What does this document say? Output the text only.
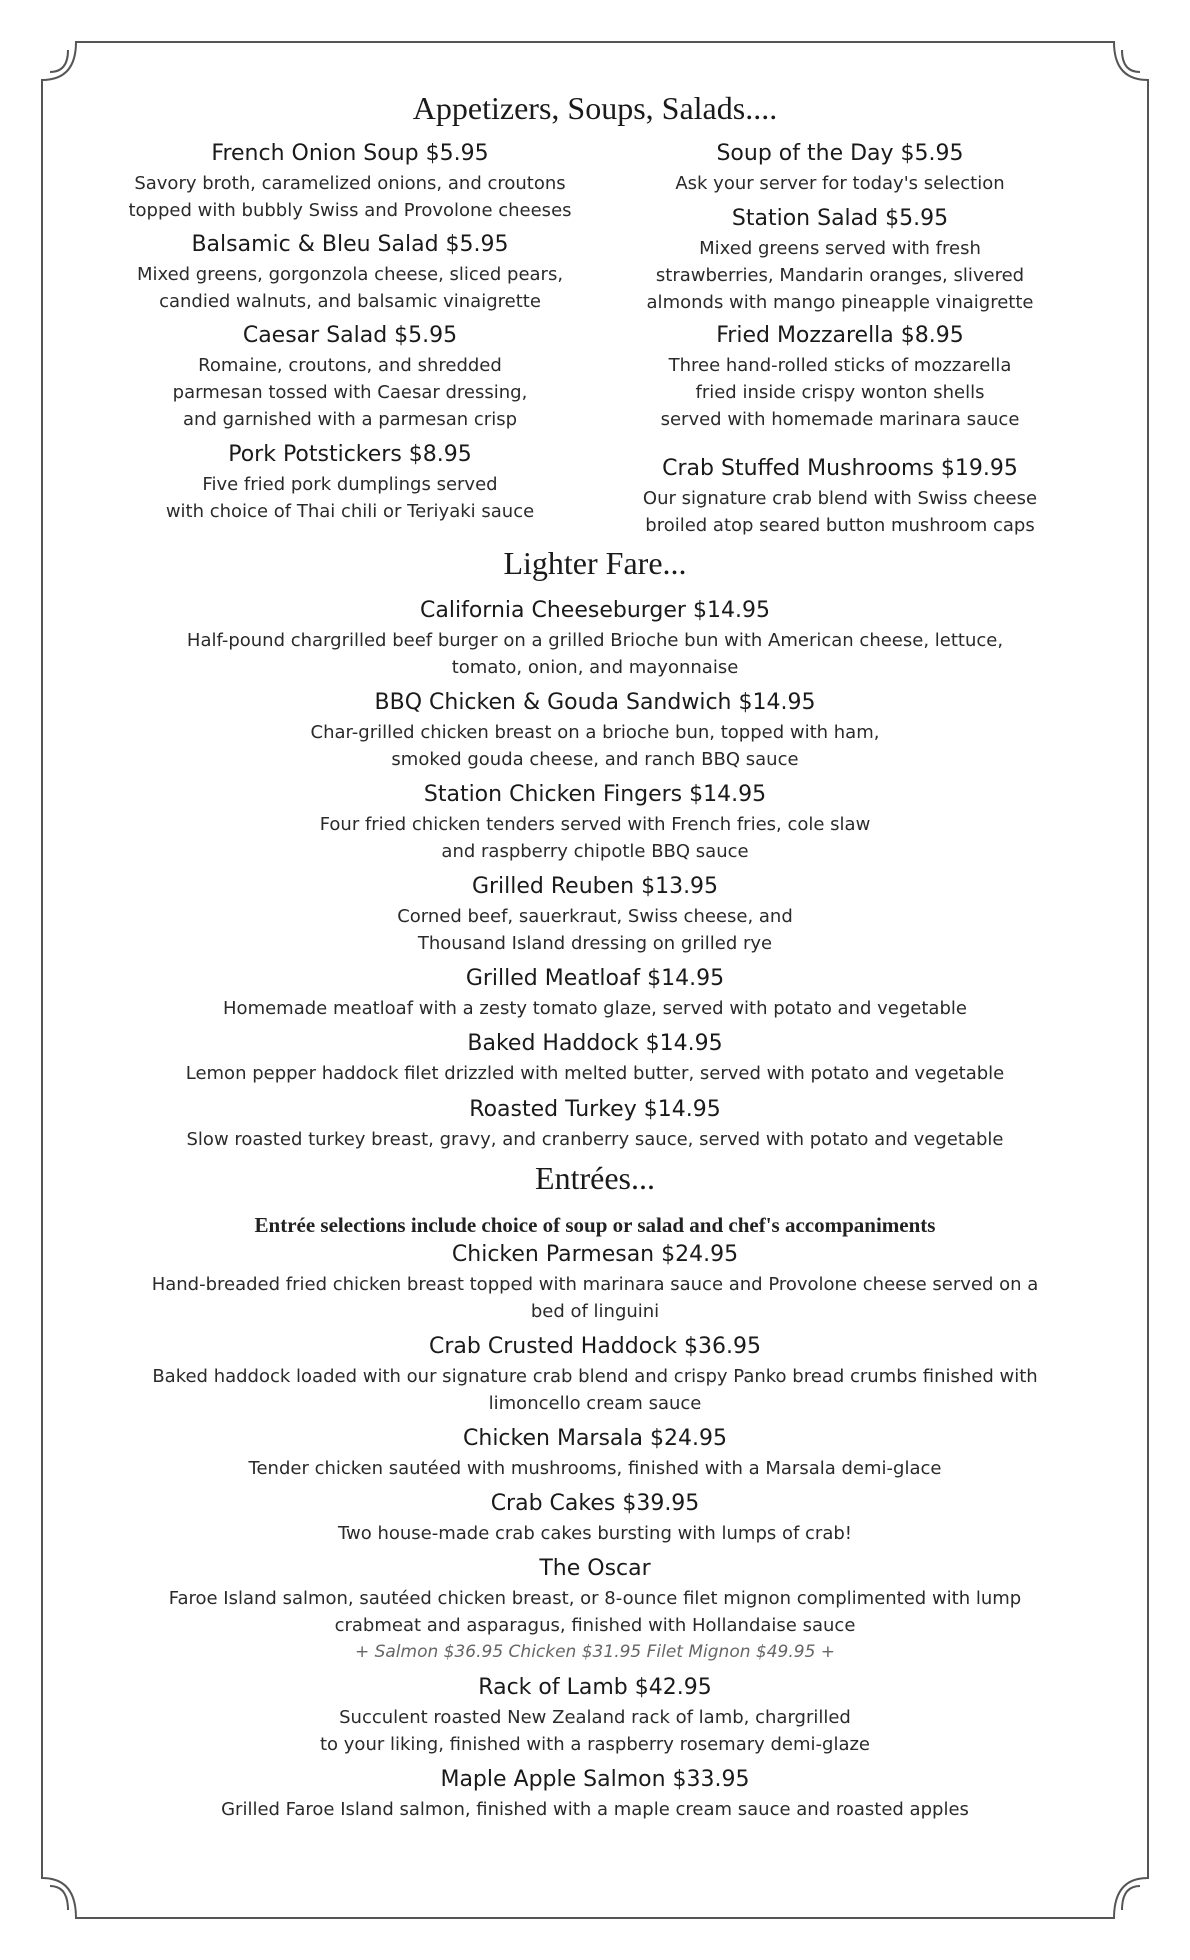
Appetizers, Soups, Salads....
French Onion Soup $5.95
Savory broth, caramelized onions, and croutons
topped with bubbly Swiss and Provolone cheeses
Balsamic & Bleu Salad $5.95
Mixed greens, gorgonzola cheese, sliced pears,
candied walnuts, and balsamic vinaigrette
Caesar Salad $5.95
Romaine, croutons, and shredded
parmesan tossed with Caesar dressing,
and garnished with a parmesan crisp
Pork Potstickers $8.95
Five fried pork dumplings served
with choice of Thai chili or Teriyaki sauce
Soup of the Day $5.95
Ask your server for today's selection
Station Salad $5.95
Mixed greens served with fresh
strawberries, Mandarin oranges, slivered
almonds with mango pineapple vinaigrette
Fried Mozzarella $8.95
Three hand-rolled sticks of mozzarella
fried inside crispy wonton shells
served with homemade marinara sauce
Crab Stuffed Mushrooms $19.95
Our signature crab blend with Swiss cheese
broiled atop seared button mushroom caps
Lighter Fare...
California Cheeseburger $14.95
Half-pound chargrilled beef burger on a grilled Brioche bun with American cheese, lettuce,
tomato, onion, and mayonnaise
BBQ Chicken & Gouda Sandwich $14.95
Char-grilled chicken breast on a brioche bun, topped with ham,
smoked gouda cheese, and ranch BBQ sauce
Station Chicken Fingers $14.95
Four fried chicken tenders served with French fries, cole slaw
and raspberry chipotle BBQ sauce
Grilled Reuben $13.95
Corned beef, sauerkraut, Swiss cheese, and
Thousand Island dressing on grilled rye
Grilled Meatloaf $14.95
Homemade meatloaf with a zesty tomato glaze, served with potato and vegetable
Baked Haddock $14.95
Lemon pepper haddock filet drizzled with melted butter, served with potato and vegetable
Roasted Turkey $14.95
Slow roasted turkey breast, gravy, and cranberry sauce, served with potato and vegetable
Entrées...
Entrée selections include choice of soup or salad and chef's accompaniments
Chicken Parmesan $24.95
Hand-breaded fried chicken breast topped with marinara sauce and Provolone cheese served on a
bed of linguini
Crab Crusted Haddock $36.95
Baked haddock loaded with our signature crab blend and crispy Panko bread crumbs finished with
limoncello cream sauce
Chicken Marsala $24.95
Tender chicken sautéed with mushrooms, finished with a Marsala demi-glace
Crab Cakes $39.95
Two house-made crab cakes bursting with lumps of crab!
The Oscar
Faroe Island salmon, sautéed chicken breast, or 8-ounce filet mignon complimented with lump
crabmeat and asparagus, finished with Hollandaise sauce
+ Salmon $36.95 Chicken $31.95 Filet Mignon $49.95 +
Rack of Lamb $42.95
Succulent roasted New Zealand rack of lamb, chargrilled
to your liking, finished with a raspberry rosemary demi-glaze
Maple Apple Salmon $33.95
Grilled Faroe Island salmon, finished with a maple cream sauce and roasted apples
